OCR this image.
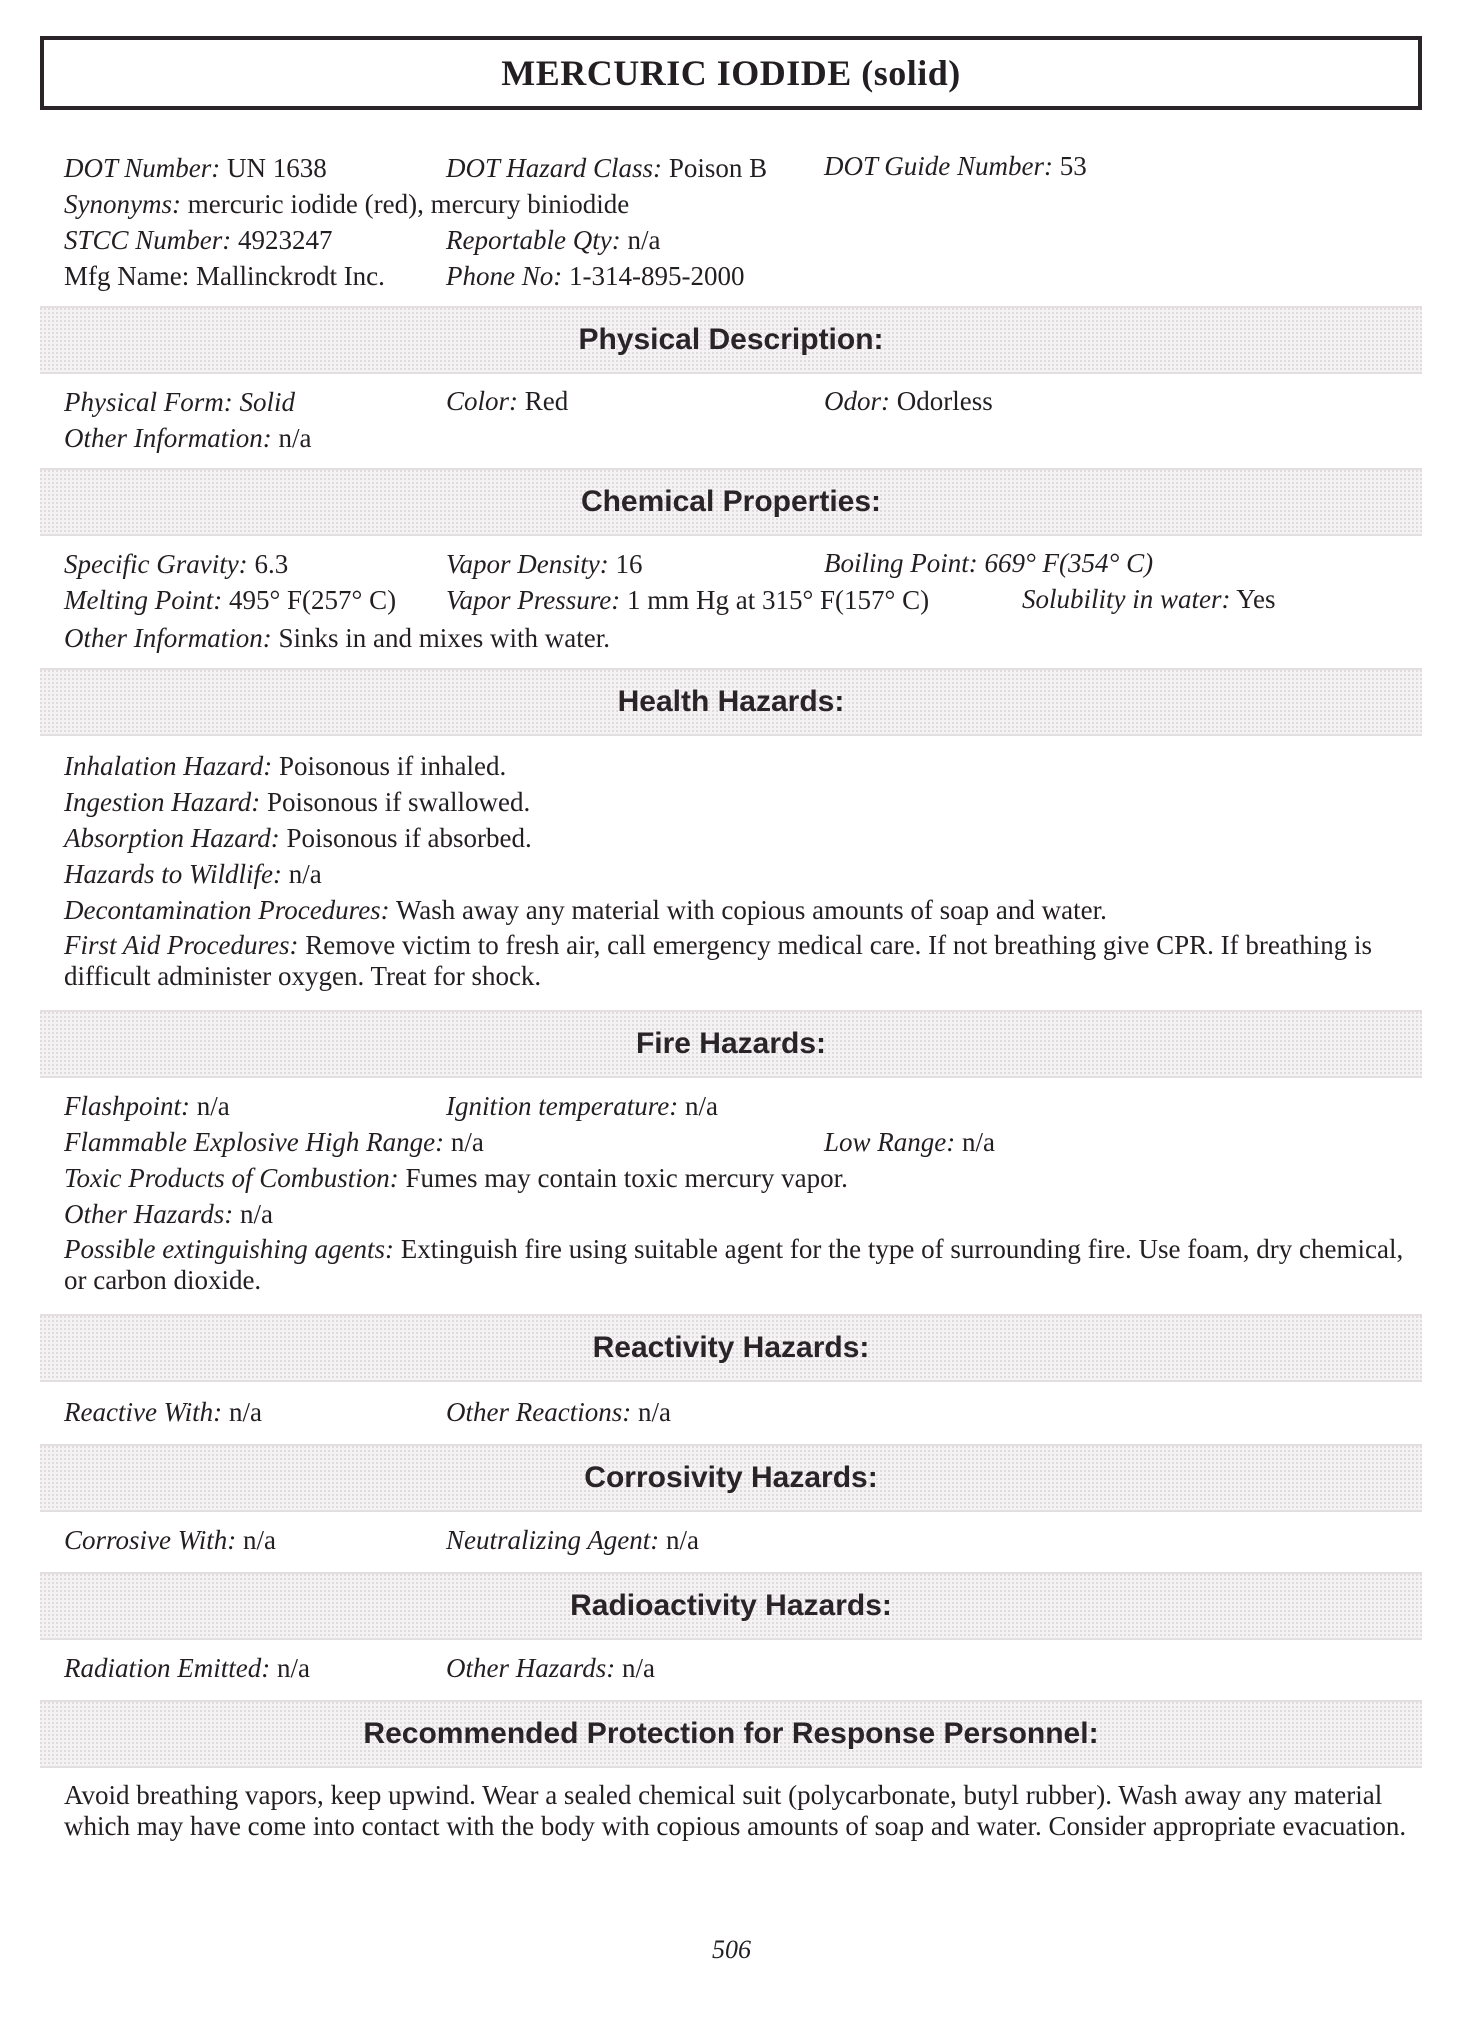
MERCURIC IODIDE (solid)
DOT Number: UN 1638	DOT Hazard Class: Poison B DOT Guide Number: 53
Synonyms: mercuric iodide (red), mercury biniodide
STCC Number: 4923247	Reportable Qty: n/a
Mfg Name: Mallinckrodt Inc. Phone No: 1-314-895-2000
Physical Description:
Physical Form: Solid	Color: Red	Odor: Odorless
Other Information: n/a
Chemical Properties:
Specific Gravity: 6.3	Vapor Density: 16	Boiling Point: 669° F(354° C)
Melting Point: 495° F(257° C) Vapor Pressure: 1 mm Hg at 315° F(157° C)	Solubility in water: Yes
Other Information: Sinks in and mixes with water.
Health Hazards:
Inhalation Hazard: Poisonous if inhaled.
Ingestion Hazard: Poisonous if swallowed.
Absorption Hazard: Poisonous if absorbed.
Hazards to Wildlife: n/a
Decontamination Procedures: Wash away any material with copious amounts of soap and water.
First Aid Procedures: Remove victim to fresh air, call emergency medical care. If not breathing give CPR. If breathing is difficult administer oxygen. Treat for shock.
Fire Hazards:
Flashpoint: n/a	Ignition temperature: n/a
Flammable Explosive High Range: n/a	Low Range: n/a
Toxic Products of Combustion: Fumes may contain toxic mercury vapor.
Other Hazards: n/a
Possible extinguishing agents: Extinguish fire using suitable agent for the type of surrounding fire. Use foam, dry chemical, or carbon dioxide.
Reactivity Hazards:
Reactive With: n/a	Other Reactions: n/a
Corrosivity Hazards:
Corrosive With: n/a	Neutralizing Agent: n/a
Radioactivity Hazards:
Radiation Emitted: n/a	Other Hazards: n/a
Recommended Protection for Response Personnel:
Avoid breathing vapors, keep upwind. Wear a sealed chemical suit (polycarbonate, butyl rubber). Wash away any material which may have come into contact with the body with copious amounts of soap and water. Consider appropriate evacuation.
506
